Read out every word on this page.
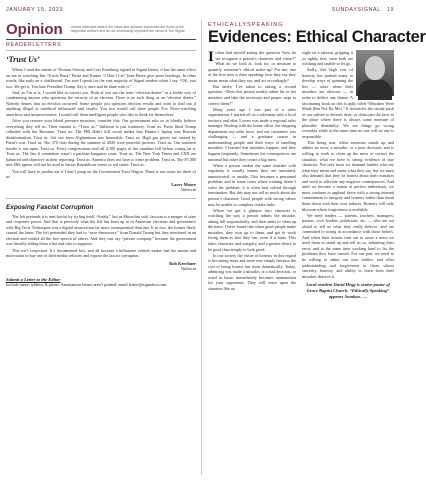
JANUARY 15, 2023	SUNDAYSIGNAL 19
Opinion Unless otherwise stated, the views and opinions expressed are those of the respective authors and do not necessarily represent the views of The Signal.
ETHICALLYSPEAKING
Evidences: Ethical Character
READERLETTERS
‘Trust Us’

Where I read the names of Thomas Ostway and Lois Eisenberg signed to Signal letters, it has the same effect on me as watching Jim “Uncle Buck” Puski and Karine “I Don’t Lie” Jean-Pierre give press briefings. In other words, like nails on a chalkboard. I’m sure I speak for the vast majority of Signal readers when I say, “OK, you two. We get it. You hate President Trump. Say it once and be done with it.”

And, as I’m at it, I would like to correct you. Both of you use the term “election denier” as a feeble way of condemning anyone who questions the veracity of an election. There is no such thing as an “election denier.” Nobody denies that an election occurred. Some people just question election results and want to find out if anything illegal or unethical influenced said results. You two would call these people Fox News-watching anarchists and insurrectionists. I would call them intelligent people who like to think for themselves.

After you remove your blood pressure monitors, consider this: Our government asks us to blindly believe everything they tell us. Their mantra is, “Trust us.” Inflation is just transitory. Trust us. Putin liked Trump colluded with the Russians. Trust us. The FBI didn’t kill social media that Hunter’s laptop was Russian disinformation. Trust us. Get out from Afghanistan was honorable. Trust us. High gas prices are caused by Putin’s war. Trust us. The 370 riots during the summer of 2020 were peaceful protests. Trust us. Our southern border is not open. Trust us. Every congressman read all 4,100 pages of the omnibus bill before voting on it. Trust us. The Jan. 6 committee wasn’t a partisan kangaroo court. Trust us. The New York Times and CNN are balanced and objective in their reporting. Trust us. America does not have a crime problem. Trust us. The 87,000 new IRS agents will not be used to harass Republican voters or red states. Trust us.

You will have to pardon me if I don’t jump on the Government Trust Wagon. There is not room for three of us.

Larry Moore
Valencia
Exposing Fascist Corruption

The left pretends it is anti-fascist by styling itself “Antifa,” but as Mussolini said, fascism is a merger of state and corporate power. And that is precisely what the left has been up to in American elections and governance with Big Tech. Twittergate was a digital insurrection far more consequential than Jan. 6; in fact, the former likely caused the latter. The left pretended they had to “save democracy” from Donald Trump but they interfered in an election and voided all the free speech of others. And they cast say “private company” because the government was literally telling them what and who to suppress.

This isn’t conjecture. It’s documented fact, and all because a billionaire vehicle maker had the means and motivation to buy one of their media vehicles and expose the fascist corruption.

Rob Kerchner
Valencia
Submit a Letter to the Editor
Include name, address & phone. Anonymous letters aren’t printed; email letters@signalscv.com.

Ioften find myself asking the question “how do we recognize a person’s character and virtue?” What do we look at, look for, or measure to quantify someone’s ethical make-up? For me, one of the first tests is their speaking: how they say they mean, mean what they say, and act accordingly?

But lately, I’ve taken to asking a second question. “Does this person readily admit his or her mistakes and take the necessary and proper steps to correct them?”

Many years ago I was part of a sales organization. I started off as a salesman with a local territory and after 5 years was made a regional sales manager. Dealing with the home office, the shipping department, my sales force, and our customers was challenging — and a graduate course in understanding people and their ways of handling mistakes. I learned that mistakes happen, and they happen frequently. Sometimes the consequences are minimal but other they create a big mess.

When a person makes the same mistake with regularity it usually means they are untrained, unmotivated, or unable. This becomes a personnel problem, and in some cases where training doesn’t solve the problem, it is often best solved through termination. But this may not tell us much about the person’s character. Good people with strong values may be unable to complete certain tasks.

Where we get a glimpse into character is watching the way a person admits the mistake, taking full responsibility, and then seeks to clean up the mess. I have found that when good people make mistakes, they own up to them, and get to work fixing them as best they can, even if it hurts. This takes character, and integrity, and a greater desire to be good than simply to look good.

In our society the virtue of honesty in this regard is becoming more and more rare simply because the cost of being honest has risen dramatically. Today, admitting you made a mistake, or a bad decision, or acted in haste, immediately becomes ammunition for your opponents. They will seize upon the situation like an

eagle on a salmon, gripping it so tightly they soon both are writhing and unable to let go.

Sadly, this high cost of honesty has pushed many to develop ways of spinning the lies — since when their mistakes are obvious — in order to deflect any blame. A fascinating book on this is aptly titled “Mistakes Were Made (But Not By Me).” It chronicles the steady push of our culture to defend, deny, or obfuscate the facts to the place where there is always some measure of plausible deniability. We see things go wrong everyday while at the same time no one will no one is responsible.

This being true, when someone stands up and admits an error, a mistake, or a poor decision, and is willing to work to clean up the mess or correct the situation, what we have is strong evidence of true character. Not only must we demand leaders who say what they mean and mean what they say, but we must also demand that they be honest about their mistakes and work to alleviate any negative consequences. And until we become a nation of perfect individuals, we must continue to applaud those with a strong internal commitment to integrity and honesty rather than shout them down with their own failures. Honesty will only blossom where forgiveness is available.

We need leaders — parents, teachers, managers, pastors, civic leaders, politicians, etc. — who are not afraid to tell us what they really believe, and are committed to acting in accordance with those beliefs. And when their actions turn out to cause a mess we need them to stand up and tell us so, admitting their error, and at the same time working hard to fix the problems they have caused. For our part, we need to be willing to admit our own foibles, and offer understanding and forgiveness to those whose sincerity, honesty, and ability to learn from their mistakes deserve it.

Local resident David Hegg is senior pastor of Grace Baptist Church. “Ethically Speaking” appears Sundays. —
